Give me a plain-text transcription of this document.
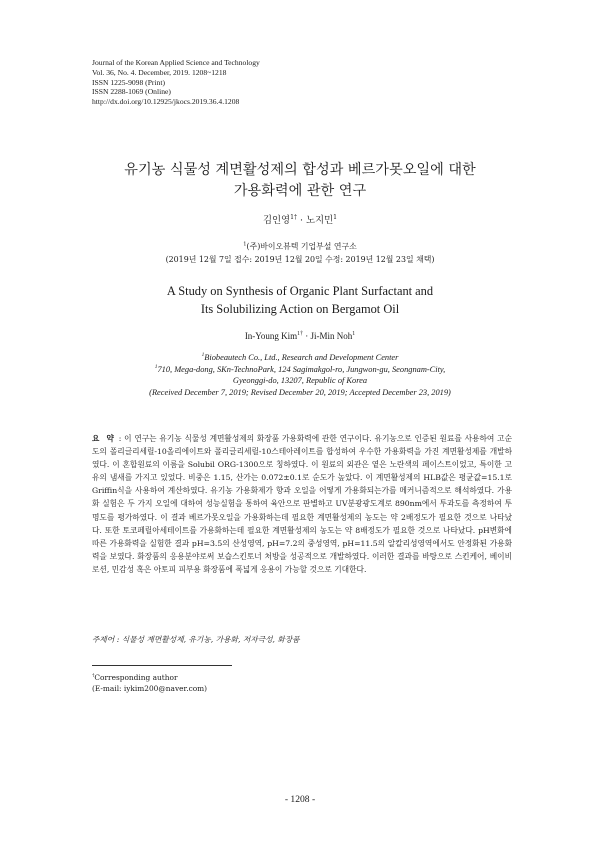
Journal of the Korean Applied Science and Technology
Vol. 36, No. 4. December, 2019. 1208~1218
ISSN 1225-9098 (Print)
ISSN 2288-1069 (Online)
http://dx.doi.org/10.12925/jkocs.2019.36.4.1208
유기농 식물성 계면활성제의 합성과 베르가못오일에 대한
가용화력에 관한 연구
김인영$^{1\dagger}$ · 노지민$^1$
$^1$(주)바이오뷰텍 기업부설 연구소
(2019년 12월 7일 접수: 2019년 12월 20일 수정: 2019년 12월 23일 채택)
A Study on Synthesis of Organic Plant Surfactant and
Its Solubilizing Action on Bergamot Oil
In-Young Kim$^{1\dagger}$ · Ji-Min Noh$^1$
$^1$Biobeautech Co., Ltd., Research and Development Center
$^1$710, Mega-dong, SKn-TechnoPark, 124 Sagimakgol-ro, Jungwon-gu, Seongnam-City,
Gyeonggi-do, 13207, Republic of Korea
(Received December 7, 2019; Revised December 20, 2019; Accepted December 23, 2019)
요 약 : 이 연구는 유기농 식물성 계면활성제의 화장품 가용화력에 관한 연구이다. 유기농으로 인증된 원료를 사용하여 고순도의 폴리글리세릴-10올리에이트와 폴리글리세릴-10스테아레이트를 합성하여 우수한 가용화력을 가진 계면활성제를 개발하였다. 이 혼합원료의 이름을 Solubil ORG-1300으로 칭하였다. 이 원료의 외관은 옅은 노란색의 페이스트이었고, 특이한 고유의 냄새를 가지고 있었다. 비중은 1.15, 산가는 0.072±0.1로 순도가 높았다. 이 계면활성제의 HLB값은 평균값=15.1로 Griffin식을 사용하여 계산하였다. 유기농 가용화제가 향과 오일을 어떻게 가용화되는가를 메커니즘적으로 해석하였다. 가용화 실험은 두 가지 오일에 대하여 성능실험을 통하여 육안으로 판별하고 UV분광광도계로 890nm에서 투과도를 측정하여 투명도를 평가하였다. 이 결과 베르가못오일을 가용화하는데 필요한 계면활성제의 농도는 약 2배정도가 필요한 것으로 나타났다. 또한 토코페릴아세테이트를 가용화하는데 필요한 계면활성제의 농도는 약 8배정도가 필요한 것으로 나타났다. pH변화에 따른 가용화력을 실험한 결과 pH=3.5의 산성영역, pH=7.2의 중성영역, pH=11.5의 알칼리성영역에서도 안정화된 가용화력을 보였다. 화장품의 응용분야로써 보습스킨토너 처방을 성공적으로 개발하였다. 이러한 결과를 바탕으로 스킨케어, 베이비 로션, 민감성 혹은 아토피 피부용 화장품에 폭넓게 응용이 가능할 것으로 기대한다.
주제어 : 식물성 계면활성제, 유기농, 가용화, 저자극성, 화장품
†Corresponding author
(E-mail: iykim200@naver.com)
- 1208 -
